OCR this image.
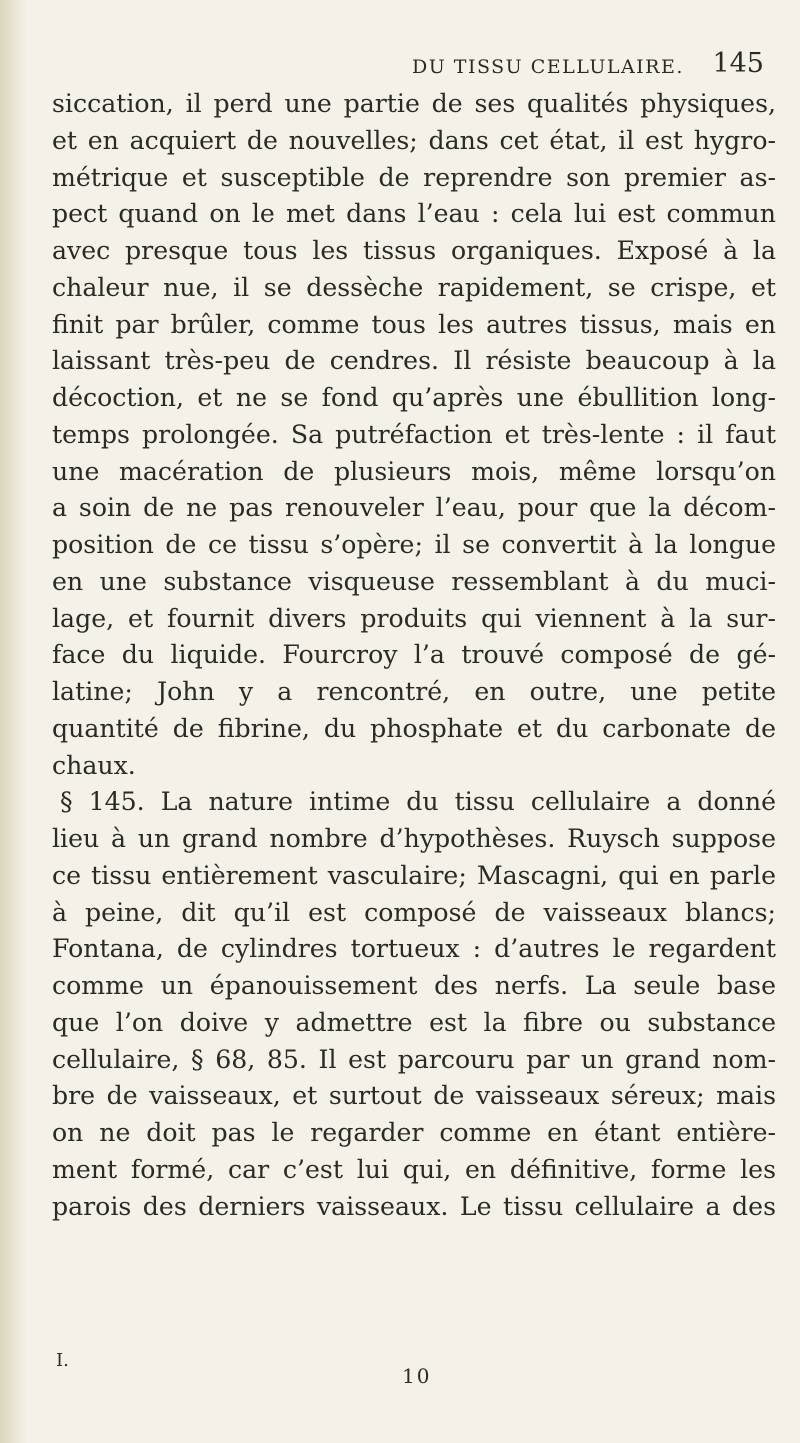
DU TISSU CELLULAIRE. 145
siccation, il perd une partie de ses qualités physiques,
et en acquiert de nouvelles; dans cet état, il est hygro-
métrique et susceptible de reprendre son premier as-
pect quand on le met dans l’eau : cela lui est commun
avec presque tous les tissus organiques. Exposé à la
chaleur nue, il se dessèche rapidement, se crispe, et
finit par brûler, comme tous les autres tissus, mais en
laissant très-peu de cendres. Il résiste beaucoup à la
décoction, et ne se fond qu’après une ébullition long-
temps prolongée. Sa putréfaction et très-lente : il faut
une macération de plusieurs mois, même lorsqu’on
a soin de ne pas renouveler l’eau, pour que la décom-
position de ce tissu s’opère; il se convertit à la longue
en une substance visqueuse ressemblant à du muci-
lage, et fournit divers produits qui viennent à la sur-
face du liquide. Fourcroy l’a trouvé composé de gé-
latine; John y a rencontré, en outre, une petite
quantité de fibrine, du phosphate et du carbonate de
chaux.
§ 145. La nature intime du tissu cellulaire a donné
lieu à un grand nombre d’hypothèses. Ruysch suppose
ce tissu entièrement vasculaire; Mascagni, qui en parle
à peine, dit qu’il est composé de vaisseaux blancs;
Fontana, de cylindres tortueux : d’autres le regardent
comme un épanouissement des nerfs. La seule base
que l’on doive y admettre est la fibre ou substance
cellulaire, § 68, 85. Il est parcouru par un grand nom-
bre de vaisseaux, et surtout de vaisseaux séreux; mais
on ne doit pas le regarder comme en étant entière-
ment formé, car c’est lui qui, en définitive, forme les
parois des derniers vaisseaux. Le tissu cellulaire a des
I.
10
